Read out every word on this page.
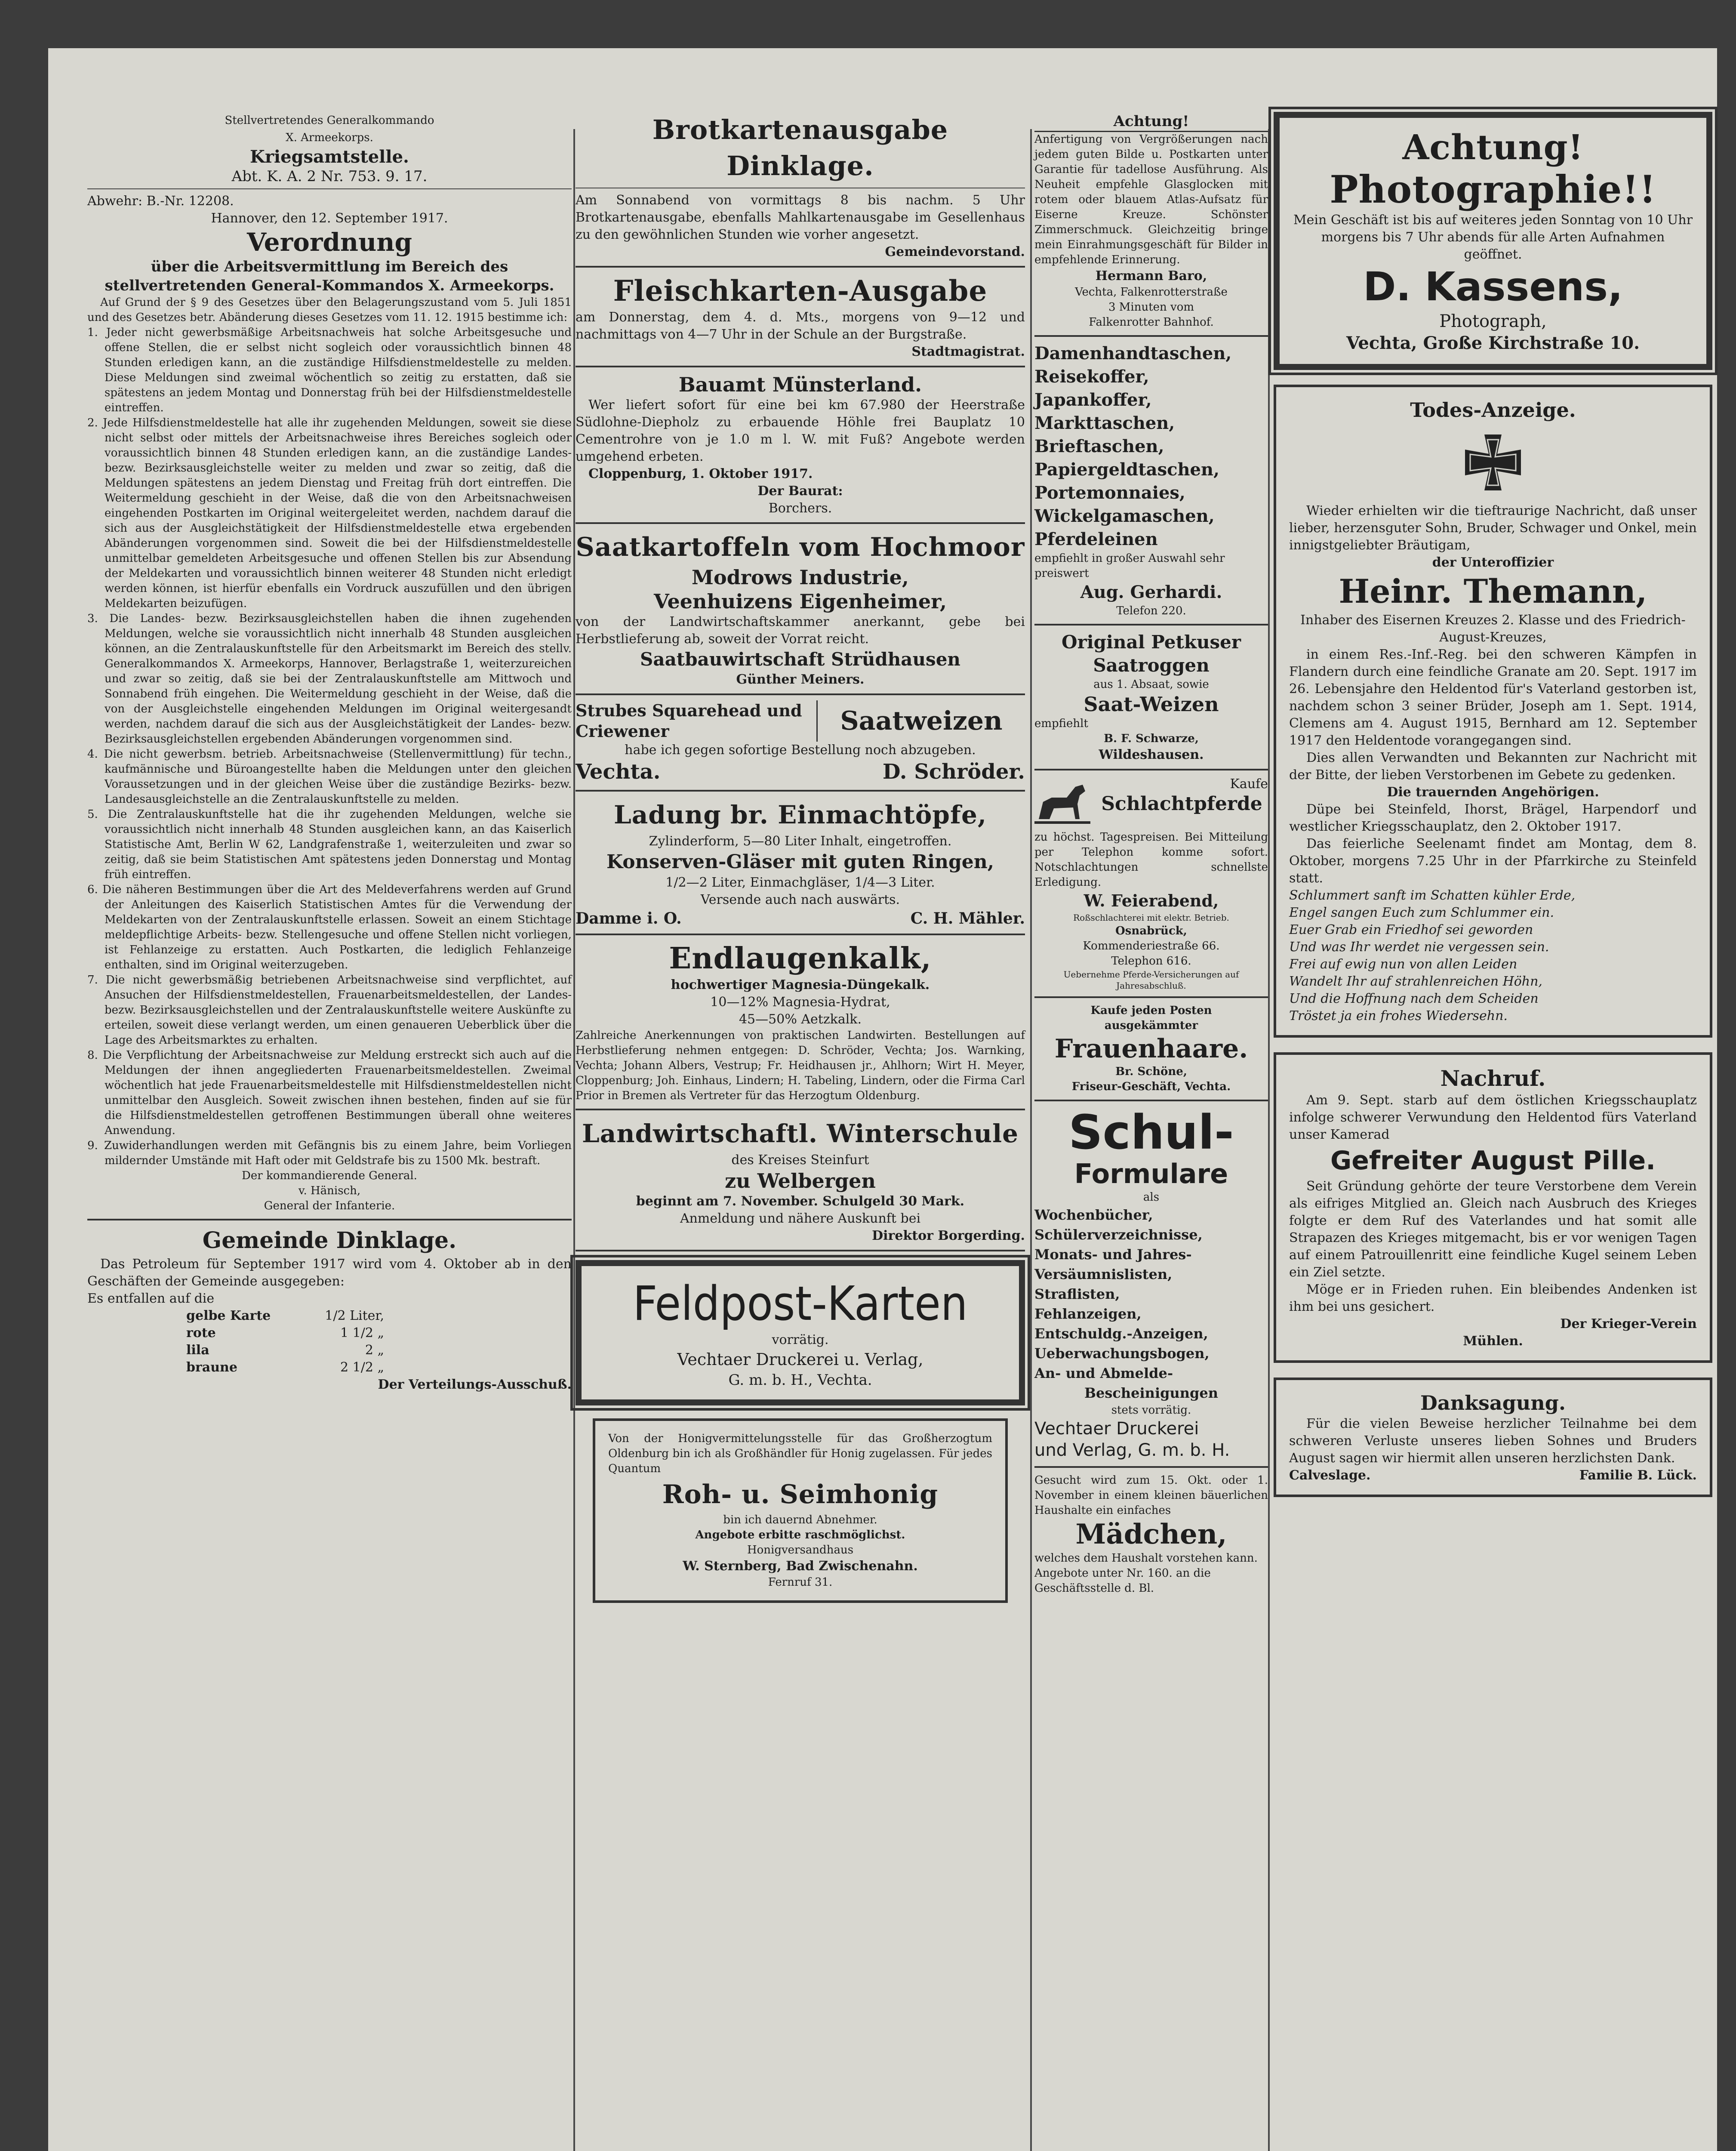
Stellvertretendes Generalkommando

X. Armeekorps.

Kriegsamtstelle.

Abt. K. A. 2 Nr. 753. 9. 17.

Abwehr: B.-Nr. 12208.

Hannover, den 12. September 1917.

Verordnung

über die Arbeitsvermittlung im Bereich des stellvertretenden General-Kommandos X. Armeekorps.

Auf Grund der § 9 des Gesetzes über den Belagerungszustand vom 5. Juli 1851 und des Gesetzes betr. Abänderung dieses Gesetzes vom 11. 12. 1915 bestimme ich:

1. Jeder nicht gewerbsmäßige Arbeitsnachweis hat solche Arbeitsgesuche und offene Stellen, die er selbst nicht sogleich oder voraussichtlich binnen 48 Stunden erledigen kann, an die zuständige Hilfsdienstmeldestelle zu melden. Diese Meldungen sind zweimal wöchentlich so zeitig zu erstatten, daß sie spätestens an jedem Montag und Donnerstag früh bei der Hilfsdienstmeldestelle eintreffen.

2. Jede Hilfsdienstmeldestelle hat alle ihr zugehenden Meldungen, soweit sie diese nicht selbst oder mittels der Arbeitsnachweise ihres Bereiches sogleich oder voraussichtlich binnen 48 Stunden erledigen kann, an die zuständige Landes- bezw. Bezirksausgleichstelle weiter zu melden und zwar so zeitig, daß die Meldungen spätestens an jedem Dienstag und Freitag früh dort eintreffen. Die Weitermeldung geschieht in der Weise, daß die von den Arbeitsnachweisen eingehenden Postkarten im Original weitergeleitet werden, nachdem darauf die sich aus der Ausgleichstätigkeit der Hilfsdienstmeldestelle etwa ergebenden Abänderungen vorgenommen sind. Soweit die bei der Hilfsdienstmeldestelle unmittelbar gemeldeten Arbeitsgesuche und offenen Stellen bis zur Absendung der Meldekarten und voraussichtlich binnen weiterer 48 Stunden nicht erledigt werden können, ist hierfür ebenfalls ein Vordruck auszufüllen und den übrigen Meldekarten beizufügen.

3. Die Landes- bezw. Bezirksausgleichstellen haben die ihnen zugehenden Meldungen, welche sie voraussichtlich nicht innerhalb 48 Stunden ausgleichen können, an die Zentralauskunftstelle für den Arbeitsmarkt im Bereich des stellv. Generalkommandos X. Armeekorps, Hannover, Berlagstraße 1, weiterzureichen und zwar so zeitig, daß sie bei der Zentralauskunftstelle am Mittwoch und Sonnabend früh eingehen. Die Weitermeldung geschieht in der Weise, daß die von der Ausgleichstelle eingehenden Meldungen im Original weitergesandt werden, nachdem darauf die sich aus der Ausgleichstätigkeit der Landes- bezw. Bezirksausgleichstellen ergebenden Abänderungen vorgenommen sind.

4. Die nicht gewerbsm. betrieb. Arbeitsnachweise (Stellenvermittlung) für techn., kaufmännische und Büroangestellte haben die Meldungen unter den gleichen Voraussetzungen und in der gleichen Weise über die zuständige Bezirks- bezw. Landesausgleichstelle an die Zentralauskunftstelle zu melden.

5. Die Zentralauskunftstelle hat die ihr zugehenden Meldungen, welche sie voraussichtlich nicht innerhalb 48 Stunden ausgleichen kann, an das Kaiserlich Statistische Amt, Berlin W 62, Landgrafenstraße 1, weiterzuleiten und zwar so zeitig, daß sie beim Statistischen Amt spätestens jeden Donnerstag und Montag früh eintreffen.

6. Die näheren Bestimmungen über die Art des Meldeverfahrens werden auf Grund der Anleitungen des Kaiserlich Statistischen Amtes für die Verwendung der Meldekarten von der Zentralauskunftstelle erlassen. Soweit an einem Stichtage meldepflichtige Arbeits- bezw. Stellengesuche und offene Stellen nicht vorliegen, ist Fehlanzeige zu erstatten. Auch Postkarten, die lediglich Fehlanzeige enthalten, sind im Original weiterzugeben.

7. Die nicht gewerbsmäßig betriebenen Arbeitsnachweise sind verpflichtet, auf Ansuchen der Hilfsdienstmeldestellen, Frauenarbeitsmeldestellen, der Landes- bezw. Bezirksausgleichstellen und der Zentralauskunftstelle weitere Auskünfte zu erteilen, soweit diese verlangt werden, um einen genaueren Ueberblick über die Lage des Arbeitsmarktes zu erhalten.

8. Die Verpflichtung der Arbeitsnachweise zur Meldung erstreckt sich auch auf die Meldungen der ihnen angegliederten Frauenarbeitsmeldestellen. Zweimal wöchentlich hat jede Frauenarbeitsmeldestelle mit Hilfsdienstmeldestellen nicht unmittelbar den Ausgleich. Soweit zwischen ihnen bestehen, finden auf sie für die Hilfsdienstmeldestellen getroffenen Bestimmungen überall ohne weiteres Anwendung.

9. Zuwiderhandlungen werden mit Gefängnis bis zu einem Jahre, beim Vorliegen mildernder Umstände mit Haft oder mit Geldstrafe bis zu 1500 Mk. bestraft.

Der kommandierende General.

v. Hänisch,

General der Infanterie.

Gemeinde Dinklage.

Das Petroleum für September 1917 wird vom 4. Oktober ab in den Geschäften der Gemeinde ausgegeben:

Es entfallen auf die

gelbe Karte	1/2 Liter,
rote	1 1/2 „
lila	2 „
braune	2 1/2 „

Der Verteilungs-Ausschuß.

Brotkartenausgabe Dinklage.

Am Sonnabend von vormittags 8 bis nachm. 5 Uhr Brotkartenausgabe, ebenfalls Mahlkartenausgabe im Gesellenhaus zu den gewöhnlichen Stunden wie vorher angesetzt.

Gemeindevorstand.

Fleischkarten-Ausgabe

am Donnerstag, dem 4. d. Mts., morgens von 9—12 und nachmittags von 4—7 Uhr in der Schule an der Burgstraße.

Stadtmagistrat.

Bauamt Münsterland.

Wer liefert sofort für eine bei km 67.980 der Heerstraße Südlohne-Diepholz zu erbauende Höhle frei Bauplatz 10 Cementrohre von je 1.0 m l. W. mit Fuß? Angebote werden umgehend erbeten.

Cloppenburg, 1. Oktober 1917.

Der Baurat:

Borchers.

Saatkartoffeln vom Hochmoor

Modrows Industrie,

Veenhuizens Eigenheimer,

von der Landwirtschaftskammer anerkannt, gebe bei Herbstlieferung ab, soweit der Vorrat reicht.

Saatbauwirtschaft Strüdhausen

Günther Meiners.

Strubes Squarehead und Criewener	Saatweizen

habe ich gegen sofortige Bestellung noch abzugeben.

Vechta.	D. Schröder.

Ladung br. Einmachtöpfe,

Zylinderform, 5—80 Liter Inhalt, eingetroffen.

Konserven-Gläser mit guten Ringen,

1/2—2 Liter, Einmachgläser, 1/4—3 Liter.

Versende auch nach auswärts.

Damme i. O.	C. H. Mähler.

Endlaugenkalk,

hochwertiger Magnesia-Düngekalk.

10—12% Magnesia-Hydrat,

45—50% Aetzkalk.

Zahlreiche Anerkennungen von praktischen Landwirten. Bestellungen auf Herbstlieferung nehmen entgegen: D. Schröder, Vechta; Jos. Warnking, Vechta; Johann Albers, Vestrup; Fr. Heidhausen jr., Ahlhorn; Wirt H. Meyer, Cloppenburg; Joh. Einhaus, Lindern; H. Tabeling, Lindern, oder die Firma Carl Prior in Bremen als Vertreter für das Herzogtum Oldenburg.

Landwirtschaftl. Winterschule

des Kreises Steinfurt

zu Welbergen

beginnt am 7. November. Schulgeld 30 Mark.

Anmeldung und nähere Auskunft bei

Direktor Borgerding.

Feldpost-Karten

vorrätig.

Vechtaer Druckerei u. Verlag,

G. m. b. H., Vechta.

Von der Honigvermittelungsstelle für das Großherzogtum Oldenburg bin ich als Großhändler für Honig zugelassen. Für jedes Quantum

Roh- u. Seimhonig

bin ich dauernd Abnehmer.

Angebote erbitte raschmöglichst.

Honigversandhaus

W. Sternberg, Bad Zwischenahn.

Fernruf 31.

Achtung!

Anfertigung von Vergrößerungen nach jedem guten Bilde u. Postkarten unter Garantie für tadellose Ausführung. Als Neuheit empfehle Glasglocken mit rotem oder blauem Atlas-Aufsatz für Eiserne Kreuze. Schönster Zimmerschmuck. Gleichzeitig bringe mein Einrahmungsgeschäft für Bilder in empfehlende Erinnerung.

Hermann Baro,

Vechta, Falkenrotterstraße

3 Minuten vom

Falkenrotter Bahnhof.

Damenhandtaschen,

Reisekoffer,

Japankoffer,

Markttaschen,

Brieftaschen,

Papiergeldtaschen,

Portemonnaies,

Wickelgamaschen,

Pferdeleinen

empfiehlt in großer Auswahl sehr preiswert

Aug. Gerhardi.

Telefon 220.

Original Petkuser Saatroggen

aus 1. Absaat, sowie

Saat-Weizen

empfiehlt

B. F. Schwarze,

Wildeshausen.

Kaufe

Schlachtpferde

zu höchst. Tagespreisen. Bei Mitteilung per Telephon komme sofort. Notschlachtungen schnellste Erledigung.

W. Feierabend,

Roßschlachterei mit elektr. Betrieb.

Osnabrück,

Kommenderiestraße 66.

Telephon 616.

Uebernehme Pferde-Versicherungen auf Jahresabschluß.

Kaufe jeden Posten

ausgekämmter

Frauenhaare.

Br. Schöne,

Friseur-Geschäft, Vechta.

Schul-

Formulare

als

Wochenbücher,

Schülerverzeichnisse,

Monats- und Jahres-

Versäumnislisten,

Straflisten,

Fehlanzeigen,

Entschuldg.-Anzeigen,

Ueberwachungsbogen,

An- und Abmelde-

Bescheinigungen

stets vorrätig.

Vechtaer Druckerei

und Verlag, G. m. b. H.

Gesucht wird zum 15. Okt. oder 1. November in einem kleinen bäuerlichen Haushalte ein einfaches

Mädchen,

welches dem Haushalt vorstehen kann.

Angebote unter Nr. 160. an die Geschäftsstelle d. Bl.

Achtung!

Photographie!!

Mein Geschäft ist bis auf weiteres jeden Sonntag von 10 Uhr morgens bis 7 Uhr abends für alle Arten Aufnahmen geöffnet.

D. Kassens,

Photograph,

Vechta, Große Kirchstraße 10.

Todes-Anzeige.

Wieder erhielten wir die tieftraurige Nachricht, daß unser lieber, herzensguter Sohn, Bruder, Schwager und Onkel, mein innigstgeliebter Bräutigam,

der Unteroffizier

Heinr. Themann,

Inhaber des Eisernen Kreuzes 2. Klasse und des Friedrich-August-Kreuzes,

in einem Res.-Inf.-Reg. bei den schweren Kämpfen in Flandern durch eine feindliche Granate am 20. Sept. 1917 im 26. Lebensjahre den Heldentod für's Vaterland gestorben ist, nachdem schon 3 seiner Brüder, Joseph am 1. Sept. 1914, Clemens am 4. August 1915, Bernhard am 12. September 1917 den Heldentode vorangegangen sind.

Dies allen Verwandten und Bekannten zur Nachricht mit der Bitte, der lieben Verstorbenen im Gebete zu gedenken.

Die trauernden Angehörigen.

Düpe bei Steinfeld, Ihorst, Brägel, Harpendorf und westlicher Kriegsschauplatz, den 2. Oktober 1917.

Das feierliche Seelenamt findet am Montag, dem 8. Oktober, morgens 7.25 Uhr in der Pfarrkirche zu Steinfeld statt.

Schlummert sanft im Schatten kühler Erde,

Engel sangen Euch zum Schlummer ein.

Euer Grab ein Friedhof sei geworden

Und was Ihr werdet nie vergessen sein.

Frei auf ewig nun von allen Leiden

Wandelt Ihr auf strahlenreichen Höhn,

Und die Hoffnung nach dem Scheiden

Tröstet ja ein frohes Wiedersehn.

Nachruf.

Am 9. Sept. starb auf dem östlichen Kriegsschauplatz infolge schwerer Verwundung den Heldentod fürs Vaterland unser Kamerad

Gefreiter August Pille.

Seit Gründung gehörte der teure Verstorbene dem Verein als eifriges Mitglied an. Gleich nach Ausbruch des Krieges folgte er dem Ruf des Vaterlandes und hat somit alle Strapazen des Krieges mitgemacht, bis er vor wenigen Tagen auf einem Patrouillenritt eine feindliche Kugel seinem Leben ein Ziel setzte.

Möge er in Frieden ruhen. Ein bleibendes Andenken ist ihm bei uns gesichert.

Der Krieger-Verein

Mühlen.

Danksagung.

Für die vielen Beweise herzlicher Teilnahme bei dem schweren Verluste unseres lieben Sohnes und Bruders August sagen wir hiermit allen unseren herzlichsten Dank.

Calveslage.	Familie B. Lück.
